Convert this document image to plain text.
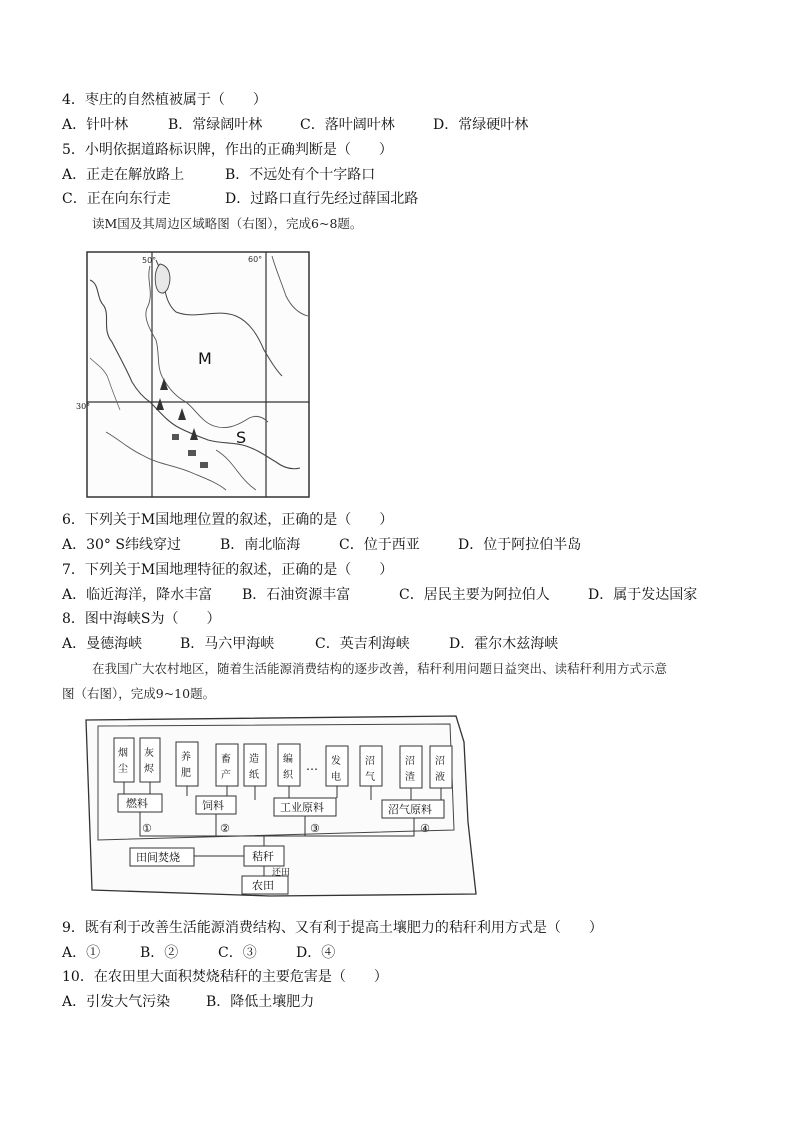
4．枣庄的自然植被属于（　　）
A．针叶林	B．常绿阔叶林	C．落叶阔叶林	D．常绿硬叶林
5．小明依据道路标识牌，作出的正确判断是（　　）
A．正走在解放路上	B．不远处有个十字路口
C．正在向东行走	D．过路口直行先经过薛国北路
读M国及其周边区域略图（右图），完成6~8题。
50°	60°
M
S
30°
6．下列关于M国地理位置的叙述，正确的是（　　）
A．30° S纬线穿过	B．南北临海	C．位于西亚	D．位于阿拉伯半岛
7．下列关于M国地理特征的叙述，正确的是（　　）
A．临近海洋，降水丰富 B．石油资源丰富	C．居民主要为阿拉伯人	D．属于发达国家
8．图中海峡S为（　　）
A．曼德海峡	B．马六甲海峡	C．英吉利海峡	D．霍尔木兹海峡
在我国广大农村地区，随着生活能源消费结构的逐步改善，秸秆利用问题日益突出、读秸秆利用方式示意
图（右图），完成9~10题。
烟
尘
灰
烬
养
肥
畜
产
造
纸
编
织
发
电
沼
气
沼
渣
沼
液
…
燃料	饲料	工业原料	沼气原料
①	②	③	④
田间焚烧	秸秆
还田
农田
9．既有利于改善生活能源消费结构、又有利于提高土壤肥力的秸秆利用方式是（　　）
A．①	B．②	C．③	D．④
10．在农田里大面积焚烧秸秆的主要危害是（　　）
A．引发大气污染	B．降低土壤肥力
